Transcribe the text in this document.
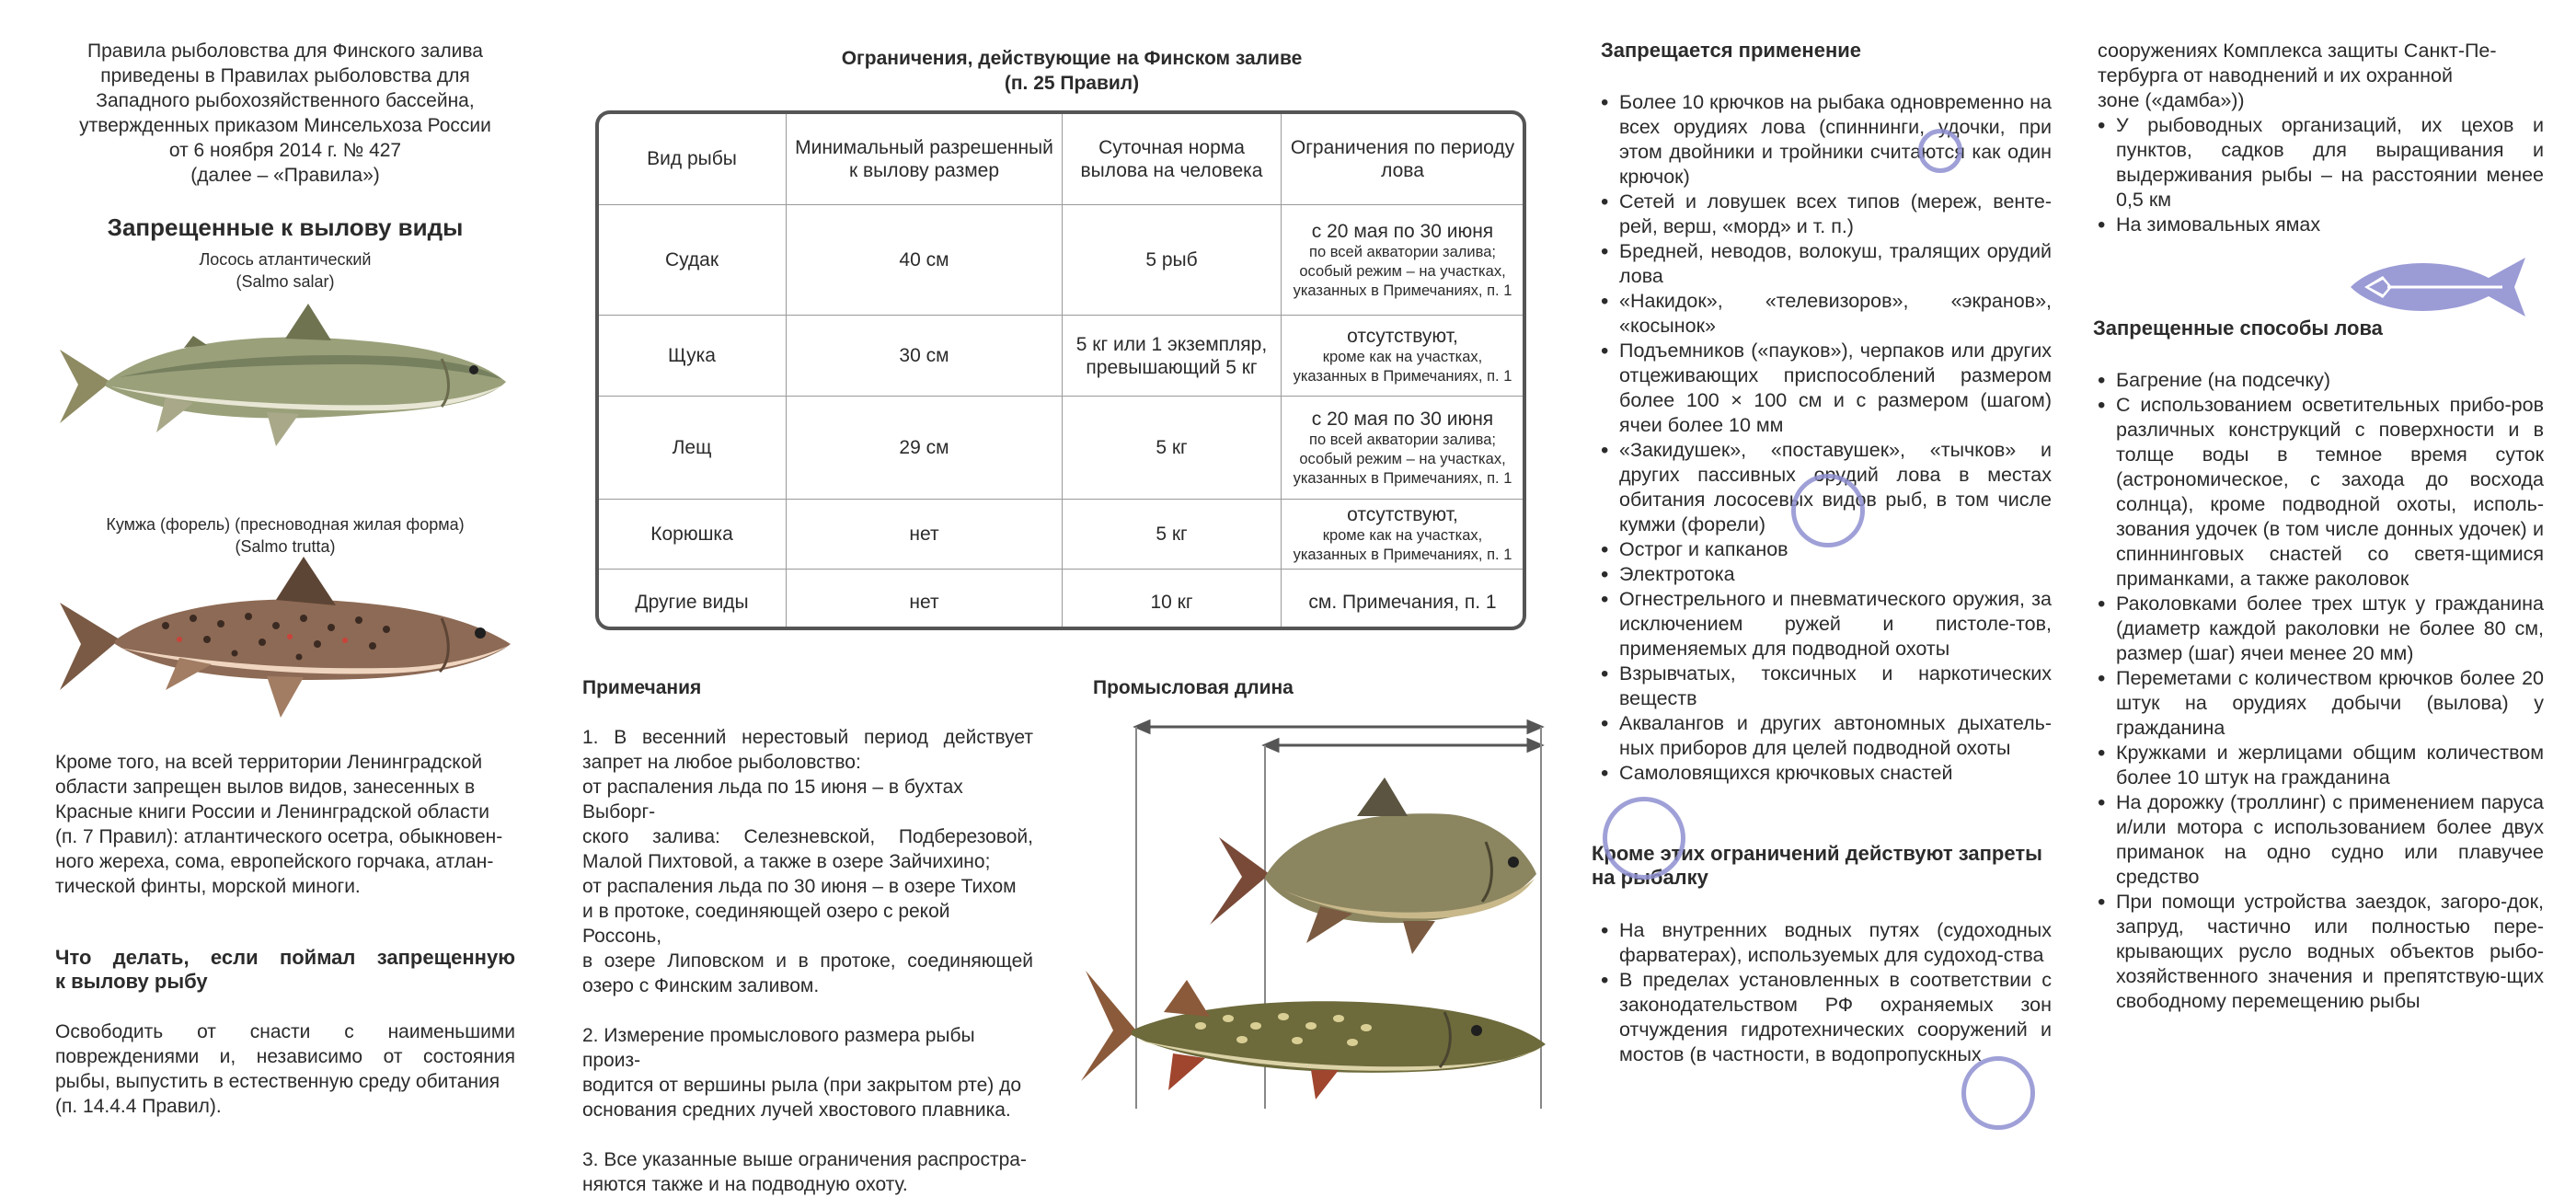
Правила рыболовства для Финского залива

приведены в Правилах рыболовства для

Западного рыбохозяйственного бассейна,

утвержденных приказом Минсельхоза России

от 6 ноября 2014 г. № 427

(далее – «Правила»)

Запрещенные к вылову виды
Лосось атлантический
(Salmo salar)
Кумжа (форель) (пресноводная жилая форма)
(Salmo trutta)

Кроме того, на всей территории Ленинградской

области запрещен вылов видов, занесенных в

Красные книги России и Ленинградской области

(п. 7 Правил): атлантического осетра, обыкновен-

ного жереха, сома, европейского горчака, атлан-

тической финты, морской миноги.

Что делать, если поймал запрещенную
к вылову рыбу

Освободить от снасти с наименьшими

повреждениями и, независимо от состояния

рыбы, выпустить в естественную среду обитания

(п. 14.4.4 Правил).

Ограничения, действующие на Финском заливе
(п. 25 Правил)
Вид рыбы	Минимальный разрешенный к вылову размер	Суточная норма вылова на человека	Ограничения по периоду лова
Судак	40 см	5 рыб	с 20 мая по 30 июня
по всей акватории залива; особый режим – на участках, указанных в Примечаниях, п. 1

Щука	30 см	5 кг или 1 экземпляр, превышающий 5 кг	отсутствуют,
кроме как на участках, указанных в Примечаниях, п. 1

Лещ	29 см	5 кг	с 20 мая по 30 июня
по всей акватории залива; особый режим – на участках, указанных в Примечаниях, п. 1

Корюшка	нет	5 кг	отсутствуют,
кроме как на участках, указанных в Примечаниях, п. 1

Другие виды	нет	10 кг	см. Примечания, п. 1
Примечания

1. В весенний нерестовый период действует

запрет на любое рыболовство:

от распаления льда по 15 июня – в бухтах Выборг-

ского залива: Селезневской, Подберезовой,

Малой Пихтовой, а также в озере Зайчихино;

от распаления льда по 30 июня – в озере Тихом

и в протоке, соединяющей озеро с рекой Россонь,

в озере Липовском и в протоке, соединяющей

озеро с Финским заливом.

2. Измерение промыслового размера рыбы произ-

водится от вершины рыла (при закрытом рте) до

основания средних лучей хвостового плавника.

3. Все указанные выше ограничения распростра-

няются также и на подводную охоту.

Промысловая длина
Запрещается применение
• Более 10 крючков на рыбака одновременно на всех орудиях лова (спиннинги, удочки, при этом двойники и тройники считаются как один крючок)
• Сетей и ловушек всех типов (мереж, венте-рей, верш, «морд» и т. п.)
• Бредней, неводов, волокуш, тралящих орудий лова
• «Накидок», «телевизоров», «экранов», «косынок»
• Подъемников («пауков»), черпаков или других отцеживающих приспособлений размером более 100 × 100 см и с размером (шагом) ячеи более 10 мм
• «Закидушек», «поставушек», «тычков» и других пассивных орудий лова в местах обитания лососевых видов рыб, в том числе кумжи (форели)
• Острог и капканов
• Электротока
• Огнестрельного и пневматического оружия, за исключением ружей и пистоле-тов, применяемых для подводной охоты
• Взрывчатых, токсичных и наркотических веществ
• Аквалангов и других автономных дыхатель-ных приборов для целей подводной охоты
• Самоловящихся крючковых снастей
Кроме этих ограничений действуют запреты
на рыбалку
• На внутренних водных путях (судоходных фарватерах), используемых для судоход-ства
• В пределах установленных в соответствии с законодательством РФ охраняемых зон отчуждения гидротехнических сооружений и мостов (в частности, в водопропускных

сооружениях Комплекса защиты Санкт-Пе-

тербурга от наводнений и их охранной

зоне («дамба»))

• У рыбоводных организаций, их цехов и пунктов, садков для выращивания и выдерживания рыбы – на расстоянии менее 0,5 км
• На зимовальных ямах
Запрещенные способы лова
• Багрение (на подсечку)
• С использованием осветительных прибо-ров различных конструкций с поверхности и в толще воды в темное время суток (астрономическое, с захода до восхода солнца), кроме подводной охоты, исполь-зования удочек (в том числе донных удочек) и спиннинговых снастей со светя-щимися приманками, а также раколовок
• Раколовками более трех штук у гражданина (диаметр каждой раколовки не более 80 см, размер (шаг) ячеи менее 20 мм)
• Переметами с количеством крючков более 20 штук на орудиях добычи (вылова) у гражданина
• Кружками и жерлицами общим количеством более 10 штук на гражданина
• На дорожку (троллинг) с применением паруса и/или мотора с использованием более двух приманок на одно судно или плавучее средство
• При помощи устройства заездок, загоро-док, запруд, частично или полностью пере-крывающих русло водных объектов рыбо-хозяйственного значения и препятствую-щих свободному перемещению рыбы
